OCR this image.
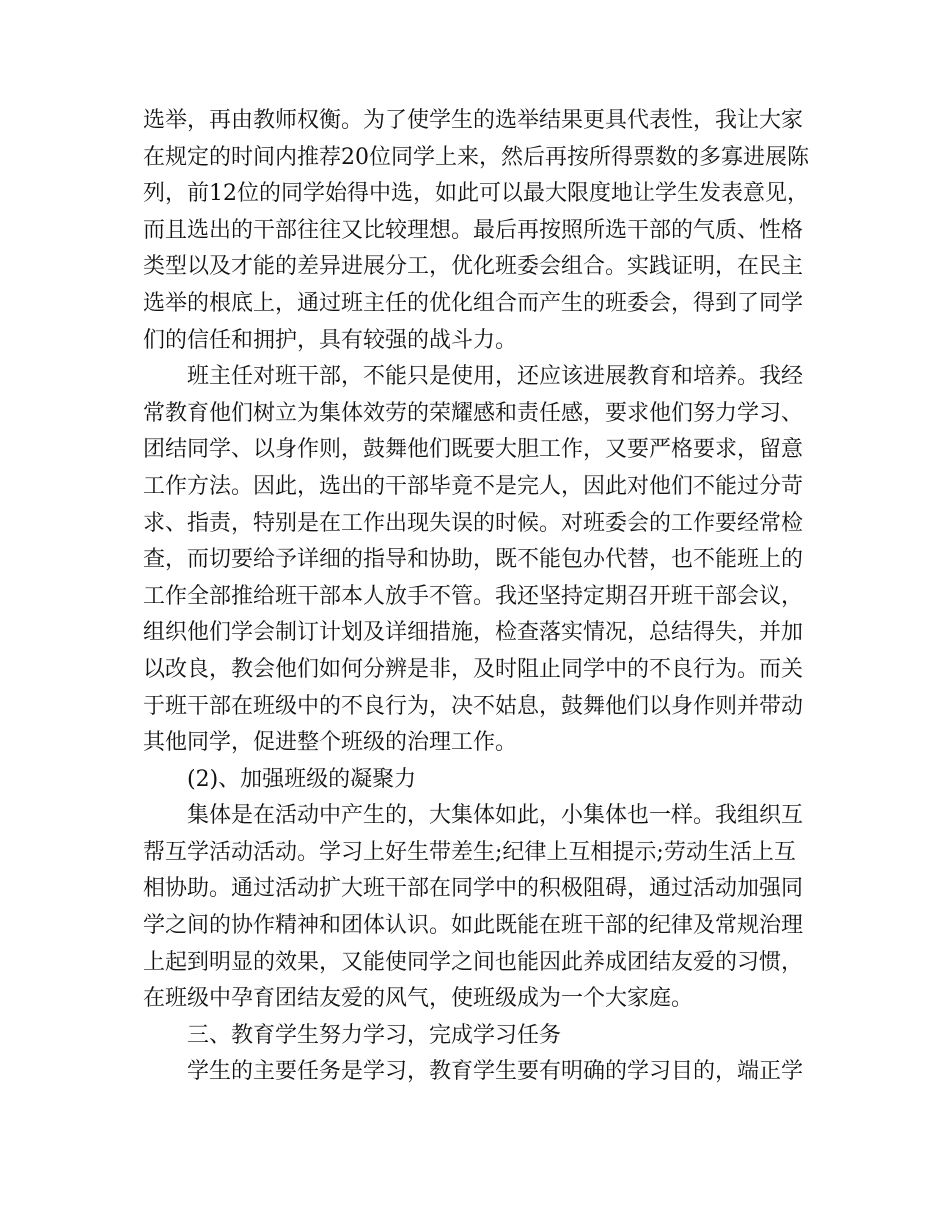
选举，再由教师权衡。为了使学生的选举结果更具代表性，我让大家
在规定的时间内推荐20位同学上来，然后再按所得票数的多寡进展陈
列，前12位的同学始得中选，如此可以最大限度地让学生发表意见，
而且选出的干部往往又比较理想。最后再按照所选干部的气质、性格
类型以及才能的差异进展分工，优化班委会组合。实践证明，在民主
选举的根底上，通过班主任的优化组合而产生的班委会，得到了同学
们的信任和拥护，具有较强的战斗力。
班主任对班干部，不能只是使用，还应该进展教育和培养。我经
常教育他们树立为集体效劳的荣耀感和责任感，要求他们努力学习、
团结同学、以身作则，鼓舞他们既要大胆工作，又要严格要求，留意
工作方法。因此，选出的干部毕竟不是完人，因此对他们不能过分苛
求、指责，特别是在工作出现失误的时候。对班委会的工作要经常检
查，而切要给予详细的指导和协助，既不能包办代替，也不能班上的
工作全部推给班干部本人放手不管。我还坚持定期召开班干部会议，
组织他们学会制订计划及详细措施，检查落实情况，总结得失，并加
以改良，教会他们如何分辨是非，及时阻止同学中的不良行为。而关
于班干部在班级中的不良行为，决不姑息，鼓舞他们以身作则并带动
其他同学，促进整个班级的治理工作。
(2)、加强班级的凝聚力
集体是在活动中产生的，大集体如此，小集体也一样。我组织互
帮互学活动活动。学习上好生带差生;纪律上互相提示;劳动生活上互
相协助。通过活动扩大班干部在同学中的积极阻碍，通过活动加强同
学之间的协作精神和团体认识。如此既能在班干部的纪律及常规治理
上起到明显的效果，又能使同学之间也能因此养成团结友爱的习惯，
在班级中孕育团结友爱的风气，使班级成为一个大家庭。
三、教育学生努力学习，完成学习任务
学生的主要任务是学习，教育学生要有明确的学习目的，端正学
